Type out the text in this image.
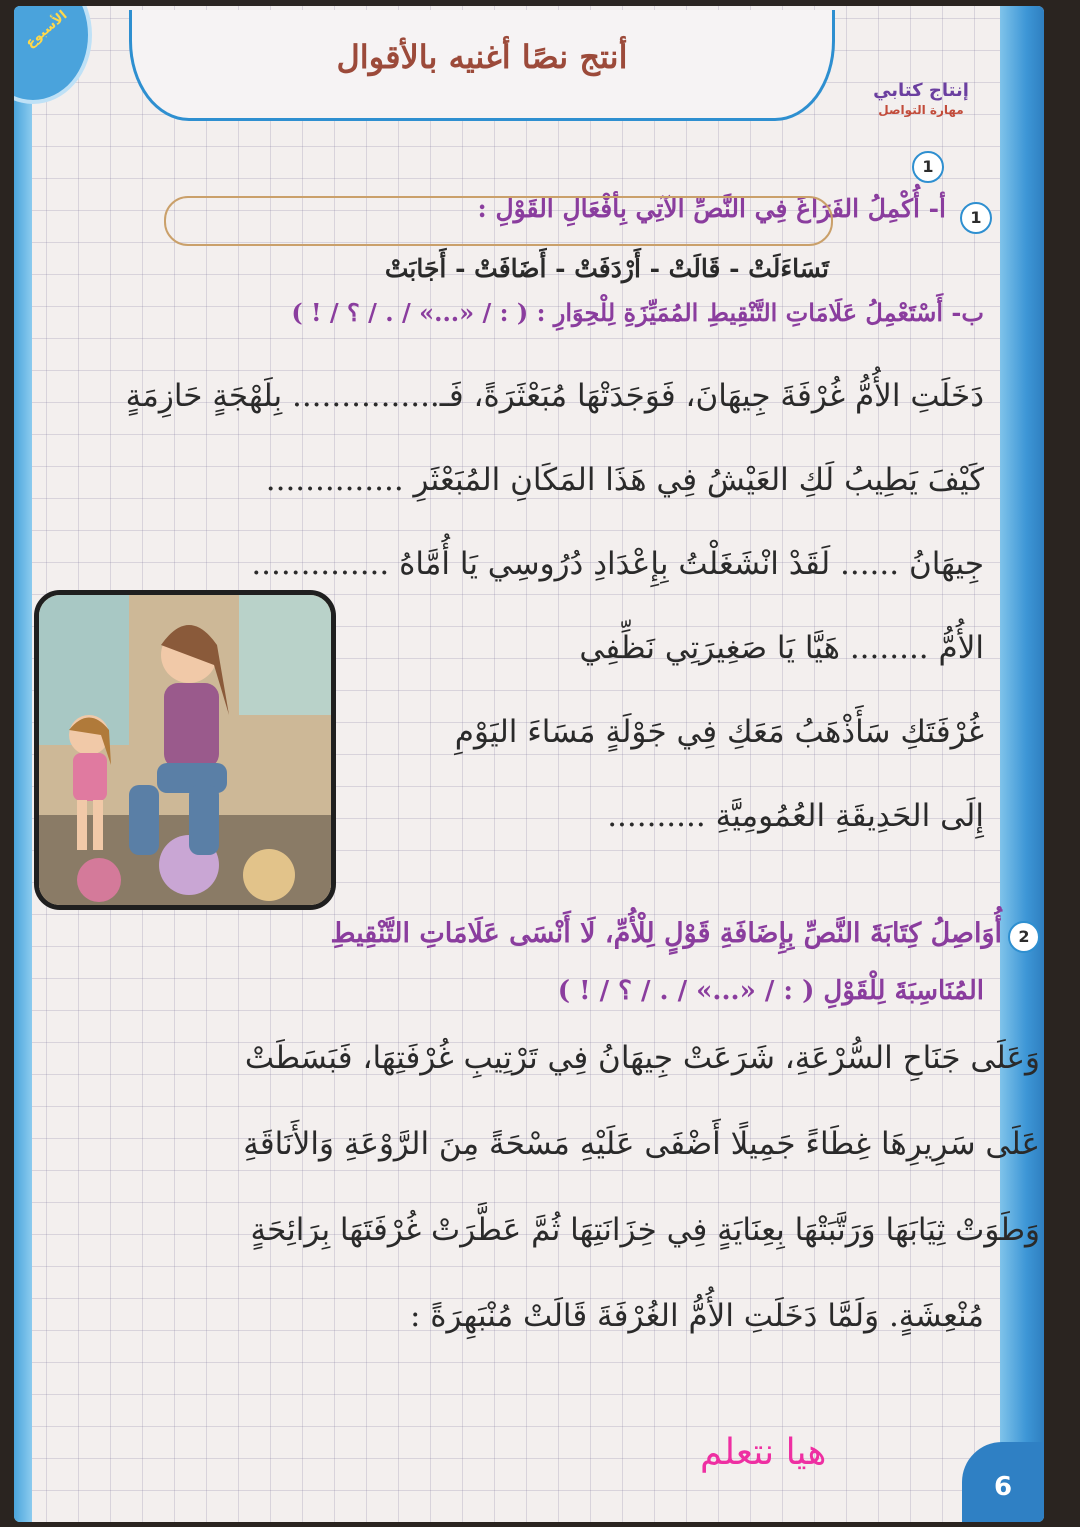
الأسبوع
أنتج نصًا أغنيه بالأقوال
إنتاج كتابي
مهارة التواصل
1
أ- أُكْمِلُ الفَرَاغَ فِي النَّصِّ الآتِي بِأفْعَالِ القَوْلِ :	1
تَسَاءَلَتْ - قَالَتْ - أَرْدَفَتْ - أَضَافَتْ - أَجَابَتْ
ب- أَسْتَعْمِلُ عَلَامَاتِ التَّنْقِيطِ المُمَيِّزَةِ لِلْحِوَارِ : ( : / «...» / . / ؟ / ! )
دَخَلَتِ الأُمُّ غُرْفَةَ جِيهَانَ، فَوَجَدَتْهَا مُبَعْثَرَةً، فَـ............... بِلَهْجَةٍ حَازِمَةٍ
كَيْفَ يَطِيبُ لَكِ العَيْشُ فِي هَذَا المَكَانِ المُبَعْثَرِ ..............
جِيهَانُ ...... لَقَدْ انْشَغَلْتُ بِإِعْدَادِ دُرُوسِي يَا أُمَّاهُ ..............
الأُمُّ ........ هَيَّا يَا صَغِيرَتِي نَظِّفِي
غُرْفَتَكِ سَأَذْهَبُ مَعَكِ فِي جَوْلَةٍ مَسَاءَ اليَوْمِ
إِلَى الحَدِيقَةِ العُمُومِيَّةِ ..........
2أُوَاصِلُ كِتَابَةَ النَّصِّ بِإِضَافَةِ قَوْلٍ لِلْأُمِّ، لَا أَنْسَى عَلَامَاتِ التَّنْقِيطِ
المُنَاسِبَةَ لِلْقَوْلِ ( : / «...» / . / ؟ / ! )
وَعَلَى جَنَاحِ السُّرْعَةِ، شَرَعَتْ جِيهَانُ فِي تَرْتِيبِ غُرْفَتِهَا، فَبَسَطَتْ
عَلَى سَرِيرِهَا غِطَاءً جَمِيلًا أَضْفَى عَلَيْهِ مَسْحَةً مِنَ الرَّوْعَةِ وَالأَنَاقَةِ
وَطَوَتْ ثِيَابَهَا وَرَتَّبَتْهَا بِعِنَايَةٍ فِي خِزَانَتِهَا ثُمَّ عَطَّرَتْ غُرْفَتَهَا بِرَائِحَةٍ
مُنْعِشَةٍ. وَلَمَّا دَخَلَتِ الأُمُّ الغُرْفَةَ قَالَتْ مُنْبَهِرَةً :
هيا نتعلم
6
